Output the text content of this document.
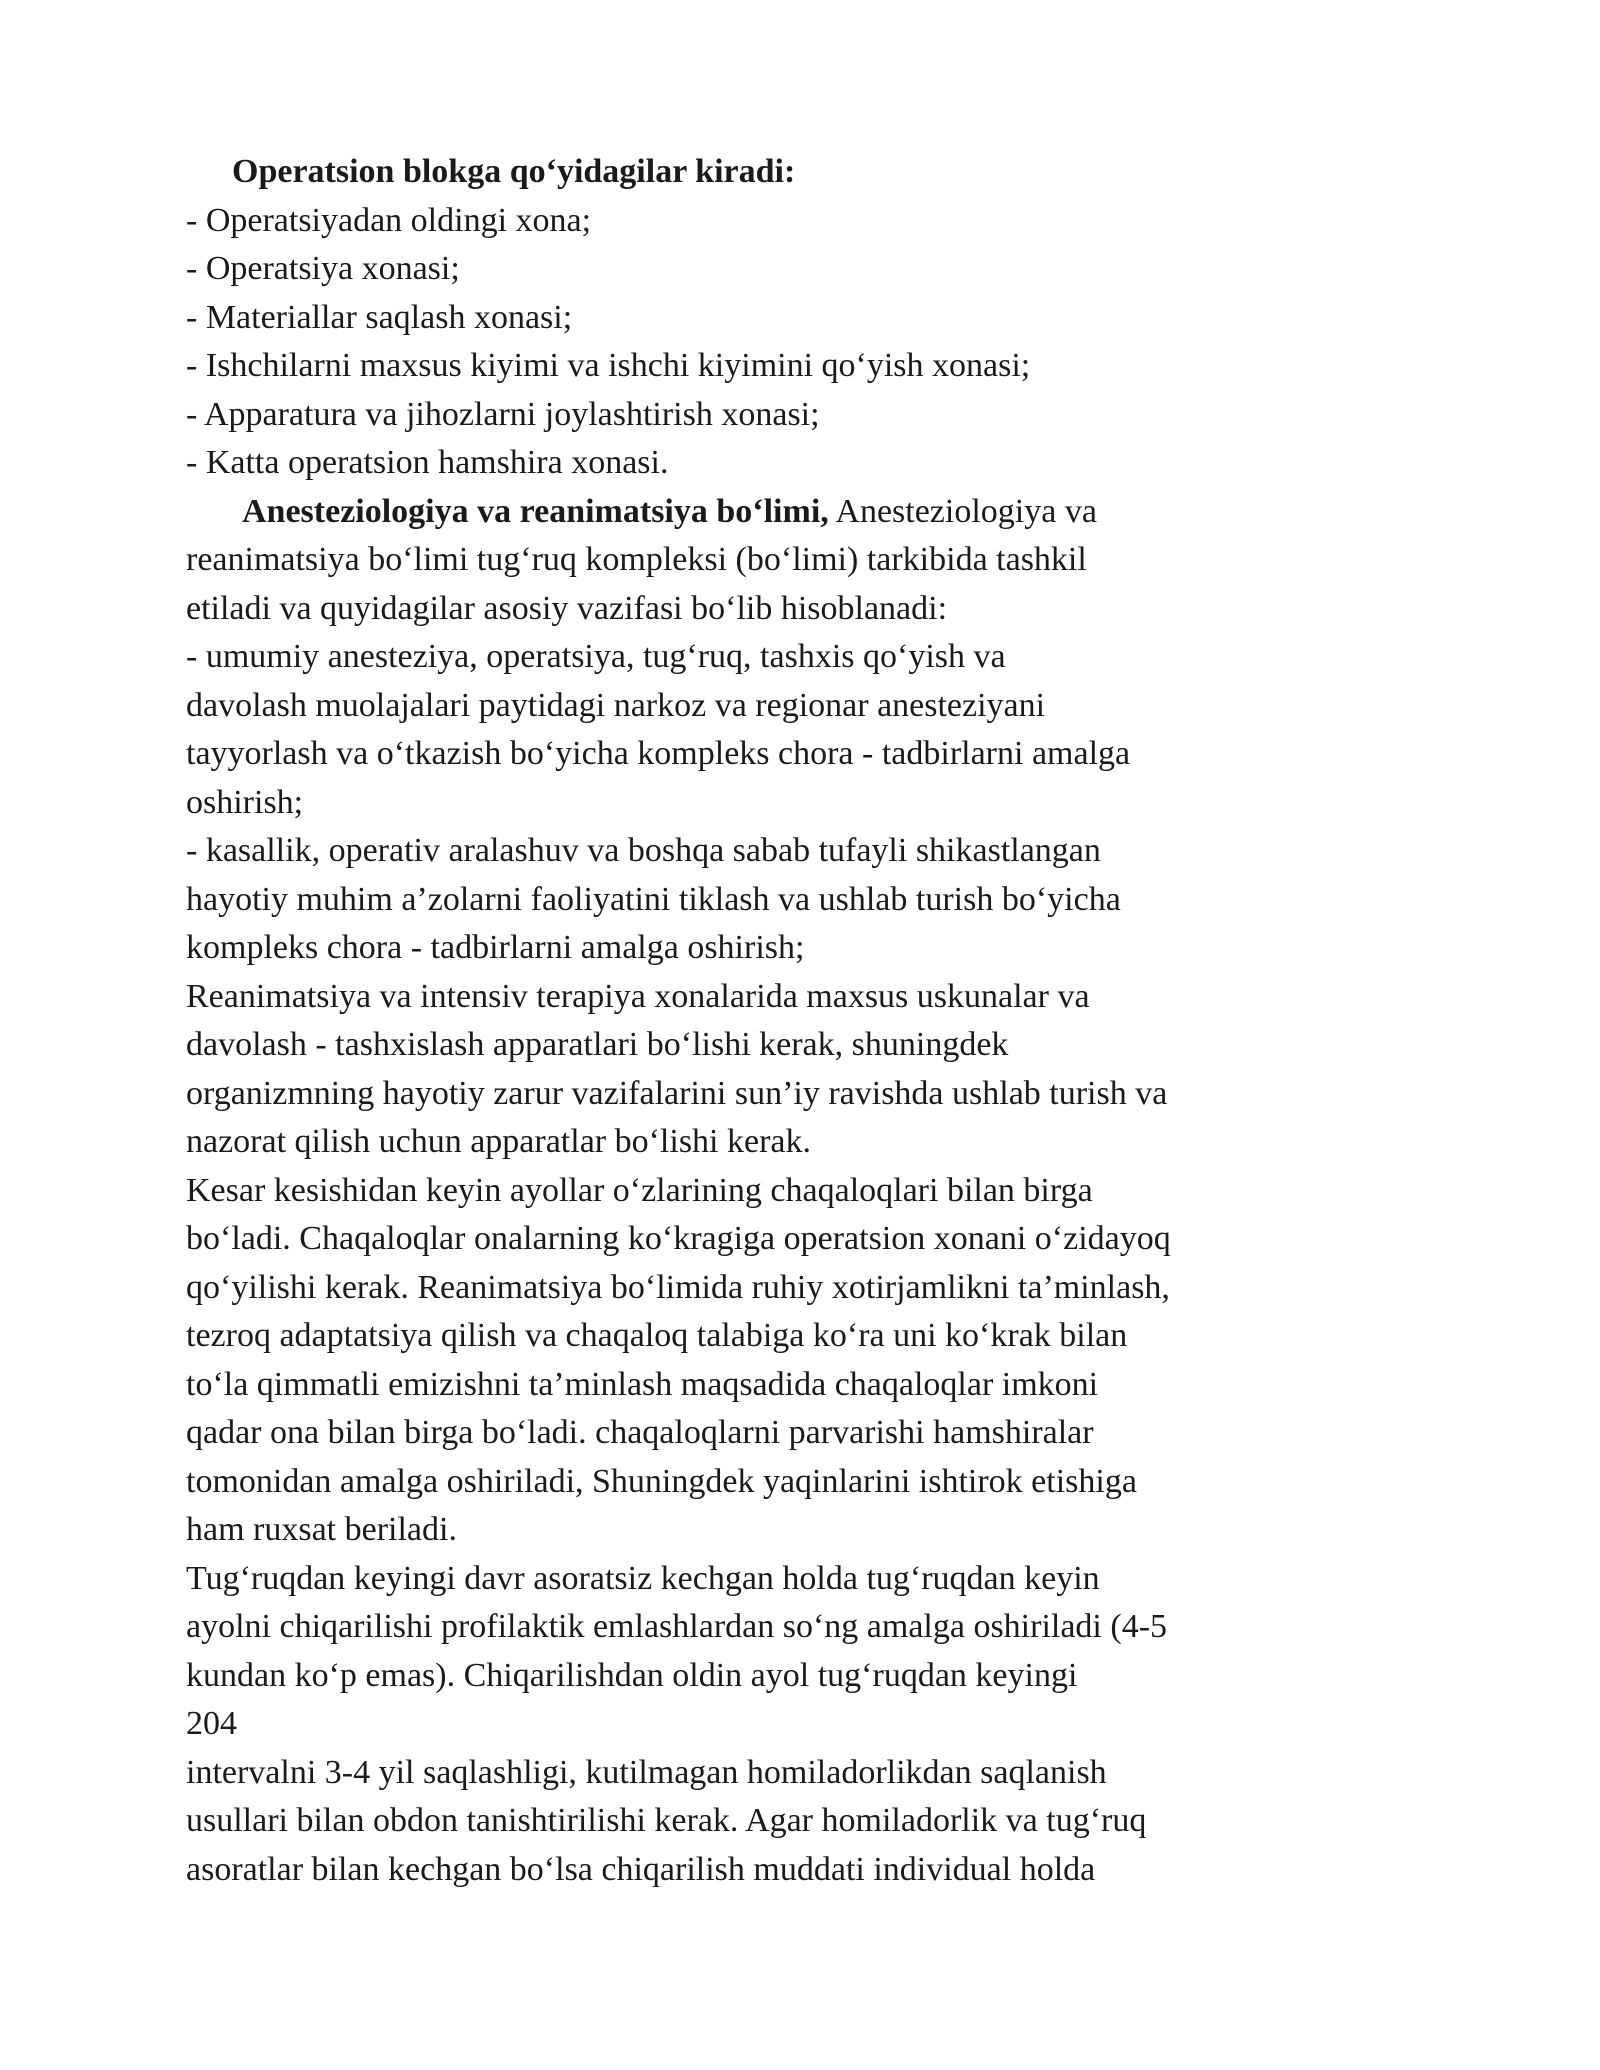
Operatsion blokga qo‘yidagilar kiradi:

- Operatsiyadan oldingi xona;

- Operatsiya xonasi;

- Materiallar saqlash xonasi;

- Ishchilarni maxsus kiyimi va ishchi kiyimini qo‘yish xonasi;

- Apparatura va jihozlarni joylashtirish xonasi;

- Katta operatsion hamshira xonasi.

Anesteziologiya va reanimatsiya bo‘limi, Anesteziologiya va

reanimatsiya bo‘limi tug‘ruq kompleksi (bo‘limi) tarkibida tashkil

etiladi va quyidagilar asosiy vazifasi bo‘lib hisoblanadi:

- umumiy anesteziya, operatsiya, tug‘ruq, tashxis qo‘yish va

davolash muolajalari paytidagi narkoz va regionar anesteziyani

tayyorlash va o‘tkazish bo‘yicha kompleks chora - tadbirlarni amalga

oshirish;

- kasallik, operativ aralashuv va boshqa sabab tufayli shikastlangan

hayotiy muhim a’zolarni faoliyatini tiklash va ushlab turish bo‘yicha

kompleks chora - tadbirlarni amalga oshirish;

Reanimatsiya va intensiv terapiya xonalarida maxsus uskunalar va

davolash - tashxislash apparatlari bo‘lishi kerak, shuningdek

organizmning hayotiy zarur vazifalarini sun’iy ravishda ushlab turish va

nazorat qilish uchun apparatlar bo‘lishi kerak.

Kesar kesishidan keyin ayollar o‘zlarining chaqaloqlari bilan birga

bo‘ladi. Chaqaloqlar onalarning ko‘kragiga operatsion xonani o‘zidayoq

qo‘yilishi kerak. Reanimatsiya bo‘limida ruhiy xotirjamlikni ta’minlash,

tezroq adaptatsiya qilish va chaqaloq talabiga ko‘ra uni ko‘krak bilan

to‘la qimmatli emizishni ta’minlash maqsadida chaqaloqlar imkoni

qadar ona bilan birga bo‘ladi. chaqaloqlarni parvarishi hamshiralar

tomonidan amalga oshiriladi, Shuningdek yaqinlarini ishtirok etishiga

ham ruxsat beriladi.

Tug‘ruqdan keyingi davr asoratsiz kechgan holda tug‘ruqdan keyin

ayolni chiqarilishi profilaktik emlashlardan so‘ng amalga oshiriladi (4-5

kundan ko‘p emas). Chiqarilishdan oldin ayol tug‘ruqdan keyingi

204

intervalni 3-4 yil saqlashligi, kutilmagan homiladorlikdan saqlanish

usullari bilan obdon tanishtirilishi kerak. Agar homiladorlik va tug‘ruq

asoratlar bilan kechgan bo‘lsa chiqarilish muddati individual holda
